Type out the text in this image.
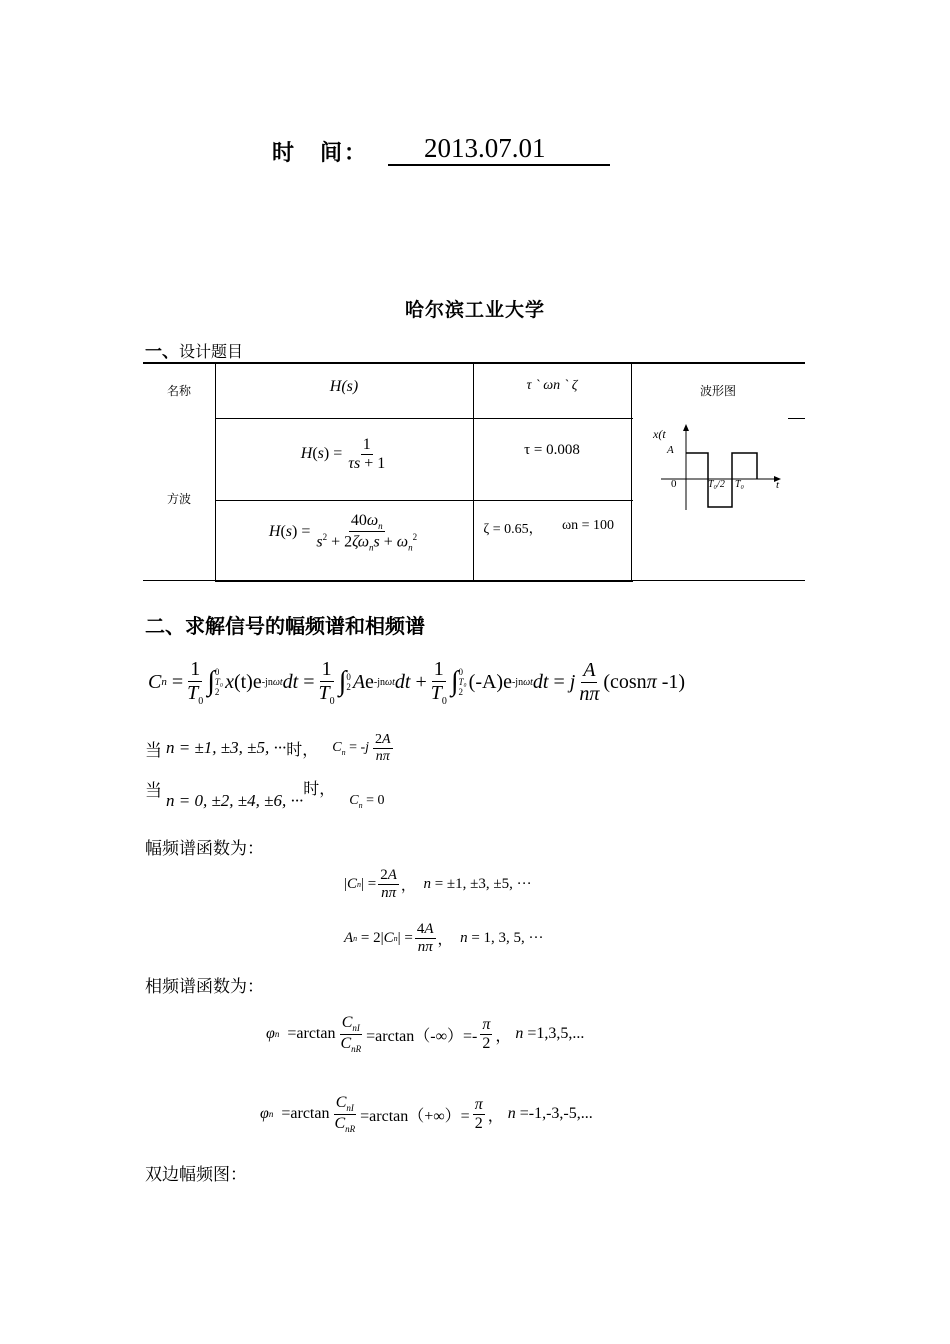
时　间：	2013.07.01
哈尔滨工业大学
一、设计题目
名称	H(s)	τ ` ωn ` ζ	波形图
方波
$H(s) = \frac{1}{\tau s + 1}$	τ = 0.008
$H(s) = \frac{40\omega_n}{s^2 + 2\zeta\omega_ns + \omega_n^2}$	ζ = 0.65，	ωn = 100
x(t
A
0	T₀/2 T₀	t
二、求解信号的幅频谱和相频谱
C $n = \frac{1}{T_0}$ ∫ 0
T₀
2 x (t)e -jnωt dt = $\frac{1}{T_0}$ ∫ 0
2 A e -jnωt dt + $\frac{1}{T_0}$ ∫ 0
T₀
2 (-A)e -jnωt dt = j $\frac{A}{n\pi} (\cos n$ π -1)
当 n = ±1, ±3, ±5, ··· 时， $C_n = -j \frac{2A}{n\pi}$
当 n = 0, ±2, ±4, ±6, ···
时，
$C_n = 0$
幅频谱函数为：
| C n | = $\frac{2A}{n\pi}$ ， n = ±1, ±3, ±5, ···
A n = 2| C n | = $\frac{4A}{n\pi}$ ， n = 1, 3, 5, ···
相频谱函数为：
φ $n =\arctan \frac{C_{nI}}{C_{nR}} =\arctan(-\infty)=- \frac{\pi}{2}$ ， n =1,3,5,...
φ $n =\arctan \frac{C_{nI}}{C_{nR}} =\arctan(+\infty)= \frac{\pi}{2}$ ， n =-1,-3,-5,...
双边幅频图：
